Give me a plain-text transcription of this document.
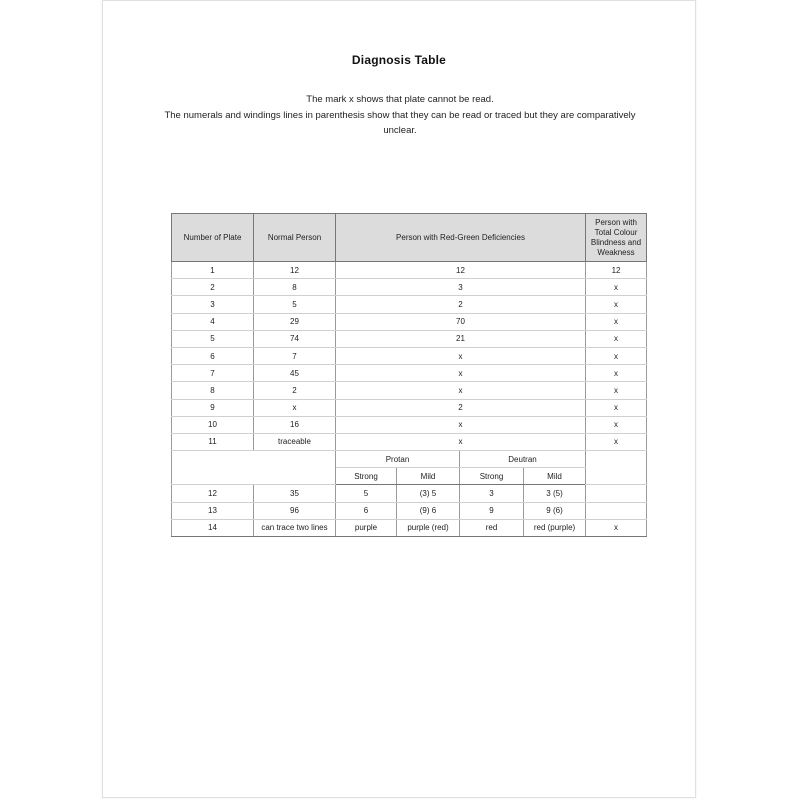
Diagnosis Table

The mark x shows that plate cannot be read.

The numerals and windings lines in parenthesis show that they can be read or traced but they are comparatively unclear.

Number of Plate	Normal Person	Person with Red-Green Deficiencies				Person with Total Colour Blindness and Weakness
1	12	12				12
2	8	3				x
3	5	2				x
4	29	70				x
5	74	21				x
6	7	x				x
7	45	x				x
8	2	x				x
9	x	2				x
10	16	x				x
11	traceable	x				x
		Protan		Deutran		
		Strong	Mild	Strong	Mild	
12	35	5	(3) 5	3	3 (5)	
13	96	6	(9) 6	9	9 (6)	
14	can trace two lines	purple	purple (red)	red	red (purple)	x
